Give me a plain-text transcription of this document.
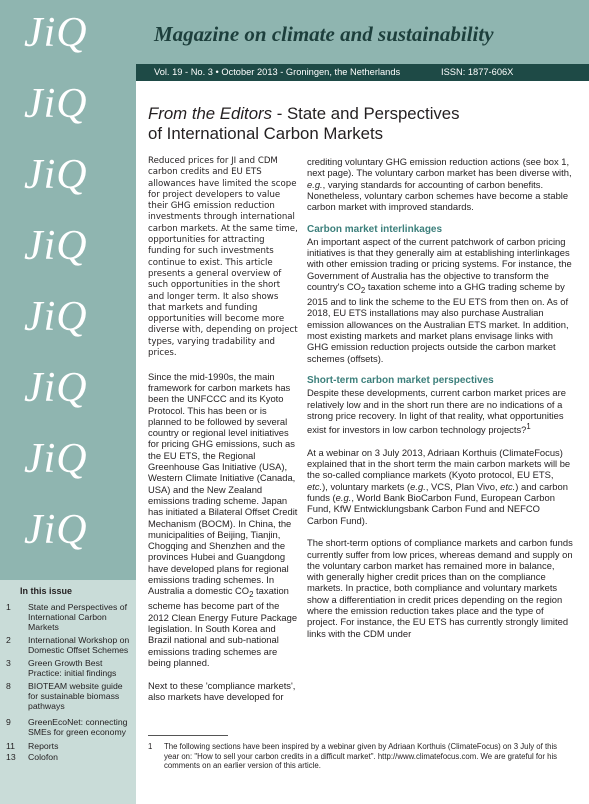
JiQ
JiQ
JiQ
JiQ
JiQ
JiQ
JiQ
JiQ
In this issue
1	State and Perspectives of International Carbon Markets
2	International Workshop on Domestic Offset Schemes
3	Green Growth Best Practice: initial findings
8	BIOTEAM website guide for sustainable biomass pathways
9	GreenEcoNet: connecting SMEs for green economy
11	Reports
13	Colofon
Magazine on climate and sustainability
Vol. 19 - No. 3 • October 2013 - Groningen, the Netherlands	ISSN: 1877-606X
From the Editors - State and Perspectives
of International Carbon Markets

Reduced prices for JI and CDM carbon credits and EU ETS allowances have limited the scope for project developers to value their GHG emission reduction investments through international carbon markets. At the same time, opportunities for attracting funding for such investments continue to exist. This article presents a general overview of such opportunities in the short and longer term. It also shows that markets and funding opportunities will become more diverse with, depending on project types, varying tradability and prices.

Since the mid-1990s, the main framework for carbon markets has been the UNFCCC and its Kyoto Protocol. This has been or is planned to be followed by several country or regional level initiatives for pricing GHG emissions, such as the EU ETS, the Regional Greenhouse Gas Initiative (USA), Western Climate Initiative (Canada, USA) and the New Zealand emissions trading scheme. Japan has initiated a Bilateral Offset Credit Mechanism (BOCM). In China, the municipalities of Beijing, Tianjin, Chogqing and Shenzhen and the provinces Hubei and Guangdong have developed plans for regional emissions trading schemes. In Australia a domestic $CO_2$ taxation scheme has become part of the 2012 Clean Energy Future Package legislation. In South Korea and Brazil national and sub-national emissions trading schemes are being planned.

Next to these 'compliance markets', also markets have developed for

crediting voluntary GHG emission reduction actions (see box 1, next page). The voluntary carbon market has been diverse with, e.g., varying standards for accounting of carbon benefits. Nonetheless, voluntary carbon schemes have become a stable carbon market with improved standards.

Carbon market interlinkages

An important aspect of the current patchwork of carbon pricing initiatives is that they generally aim at establishing interlinkages with other emission trading or pricing systems. For instance, the Government of Australia has the objective to transform the country's $CO_2$ taxation scheme into a GHG trading scheme by 2015 and to link the scheme to the EU ETS from then on. As of 2018, EU ETS installations may also purchase Australian emission allowances on the Australian ETS market. In addition, most existing markets and market plans envisage links with GHG emission reduction projects outside the carbon market schemes (offsets).

Short-term carbon market perspectives

Despite these developments, current carbon market prices are relatively low and in the short run there are no indications of a strong price recovery. In light of that reality, what opportunities exist for investors in low carbon technology projects?$^1$

At a webinar on 3 July 2013, Adriaan Korthuis (ClimateFocus) explained that in the short term the main carbon markets will be the so-called compliance markets (Kyoto protocol, EU ETS, etc.), voluntary markets (e.g., VCS, Plan Vivo, etc.) and carbon funds (e.g., World Bank BioCarbon Fund, European Carbon Fund, KfW Entwicklungsbank Carbon Fund and NEFCO Carbon Fund).

The short-term options of compliance markets and carbon funds currently suffer from low prices, whereas demand and supply on the voluntary carbon market has remained more in balance, with generally higher credit prices than on the compliance markets. In practice, both compliance and voluntary markets show a differentiation in credit prices depending on the region where the emission reduction takes place and the type of project. For instance, the EU ETS has currently strongly limited links with the CDM under

1 The following sections have been inspired by a webinar given by Adriaan Korthuis (ClimateFocus) on 3 July of this year on: "How to sell your carbon credits in a difficult market". http://www.climatefocus.com. We are grateful for his comments on an earlier version of this article.
